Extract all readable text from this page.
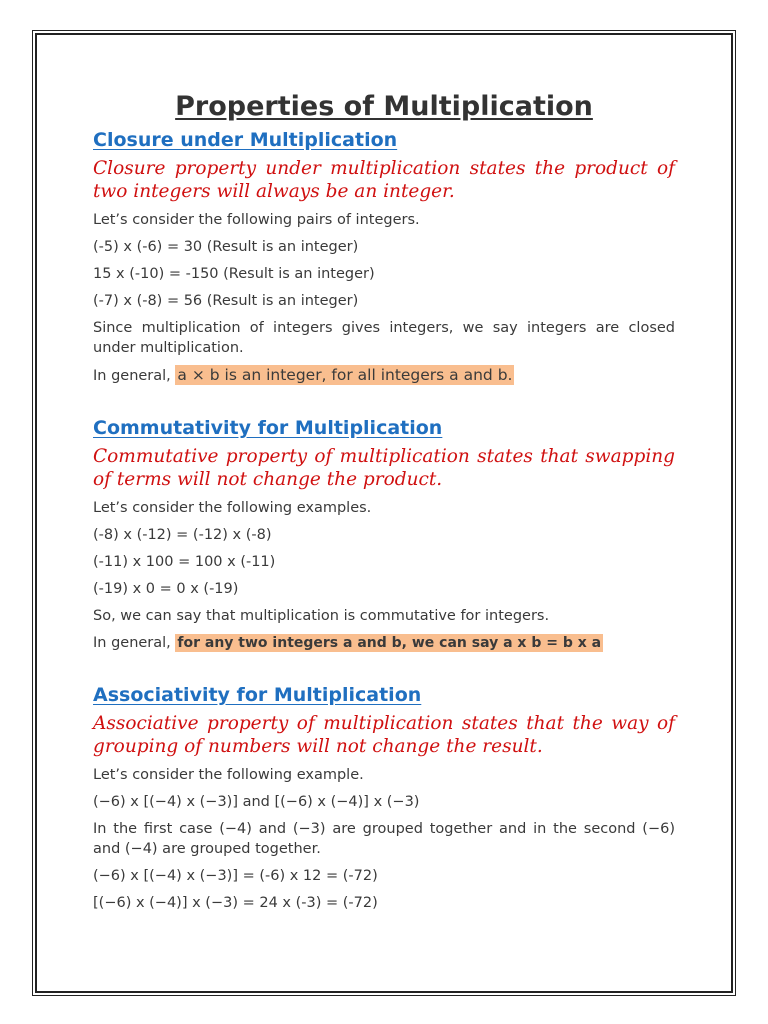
Properties of Multiplication
Closure under Multiplication

Closure property under multiplication states the product of two integers will always be an integer.

Let’s consider the following pairs of integers.

(-5) x (-6) = 30 (Result is an integer)

15 x (-10) = -150 (Result is an integer)

(-7) x (-8) = 56 (Result is an integer)

Since multiplication of integers gives integers, we say integers are closed under multiplication.

In general, a × b is an integer, for all integers a and b.

Commutativity for Multiplication

Commutative property of multiplication states that swapping of terms will not change the product.

Let’s consider the following examples.

(-8) x (-12) = (-12) x (-8)

(-11) x 100 = 100 x (-11)

(-19) x 0 = 0 x (-19)

So, we can say that multiplication is commutative for integers.

In general, for any two integers a and b, we can say a x b = b x a

Associativity for Multiplication

Associative property of multiplication states that the way of grouping of numbers will not change the result.

Let’s consider the following example.

(−6) x [(−4) x (−3)] and [(−6) x (−4)] x (−3)

In the first case (−4) and (−3) are grouped together and in the second (−6) and (−4) are grouped together.

(−6) x [(−4) x (−3)] = (-6) x 12 = (-72)

[(−6) x (−4)] x (−3) = 24 x (-3) = (-72)
